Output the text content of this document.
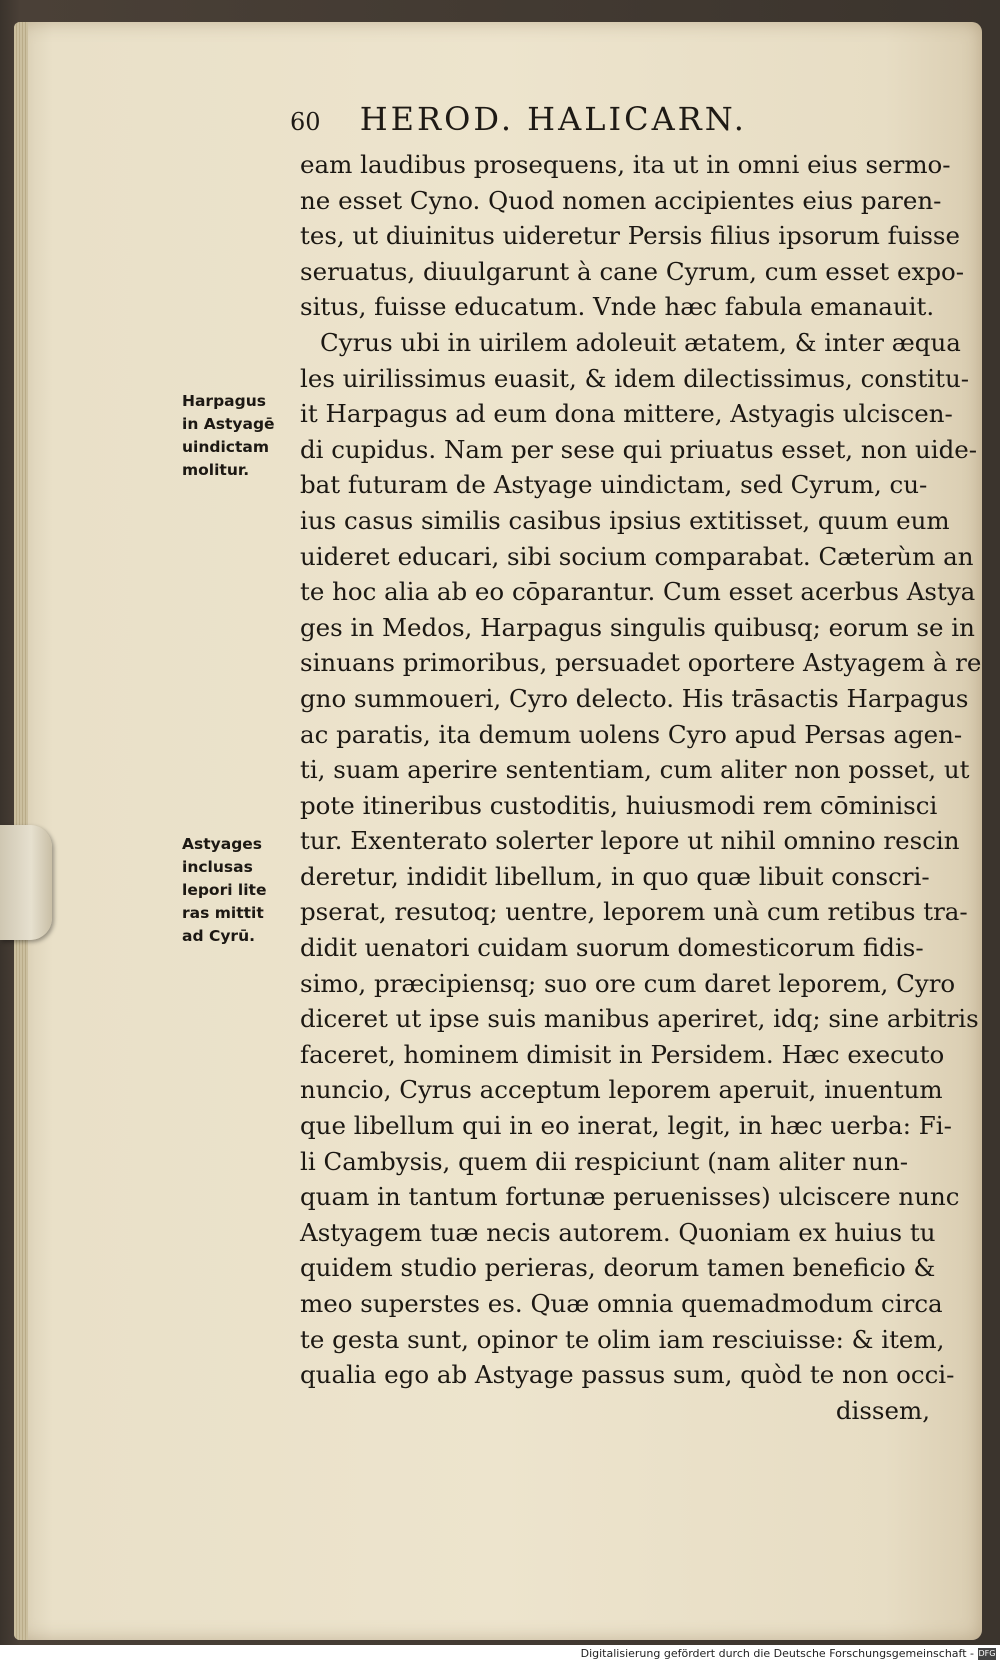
60 HEROD. HALICARN.
eam laudibus prosequens, ita ut in omni eius sermo-
ne esset Cyno. Quod nomen accipientes eius paren-
tes, ut diuinitus uideretur Persis filius ipsorum fuisse
seruatus, diuulgarunt à cane Cyrum, cum esset expo-
situs, fuisse educatum. Vnde hæc fabula emanauit.
Cyrus ubi in uirilem adoleuit ætatem, & inter æqua
les uirilissimus euasit, & idem dilectissimus, constitu-
it Harpagus ad eum dona mittere, Astyagis ulciscen-
di cupidus. Nam per sese qui priuatus esset, non uide-
bat futuram de Astyage uindictam, sed Cyrum, cu-
ius casus similis casibus ipsius extitisset, quum eum
uideret educari, sibi socium comparabat. Cæterùm an
te hoc alia ab eo cōparantur. Cum esset acerbus Astya
ges in Medos, Harpagus singulis quibusq; eorum se in
sinuans primoribus, persuadet oportere Astyagem à re
gno summoueri, Cyro delecto. His trāsactis Harpagus
ac paratis, ita demum uolens Cyro apud Persas agen-
ti, suam aperire sententiam, cum aliter non posset, ut
pote itineribus custoditis, huiusmodi rem cōminisci
tur. Exenterato solerter lepore ut nihil omnino rescin
deretur, indidit libellum, in quo quæ libuit conscri-
pserat, resutoq; uentre, leporem unà cum retibus tra-
didit uenatori cuidam suorum domesticorum fidis-
simo, præcipiensq; suo ore cum daret leporem, Cyro
diceret ut ipse suis manibus aperiret, idq; sine arbitris
faceret, hominem dimisit in Persidem. Hæc executo
nuncio, Cyrus acceptum leporem aperuit, inuentum
que libellum qui in eo inerat, legit, in hæc uerba: Fi-
li Cambysis, quem dii respiciunt (nam aliter nun-
quam in tantum fortunæ peruenisses) ulciscere nunc
Astyagem tuæ necis autorem. Quoniam ex huius tu
quidem studio perieras, deorum tamen beneficio &
meo superstes es. Quæ omnia quemadmodum circa
te gesta sunt, opinor te olim iam resciuisse: & item,
qualia ego ab Astyage passus sum, quòd te non occi-
dissem,
Harpagus
in Astyagē
uindictam
molitur.
Astyages
inclusas
lepori lite
ras mittit
ad Cyrū.
Digitalisierung gefördert durch die Deutsche Forschungsgemeinschaft - DFG
